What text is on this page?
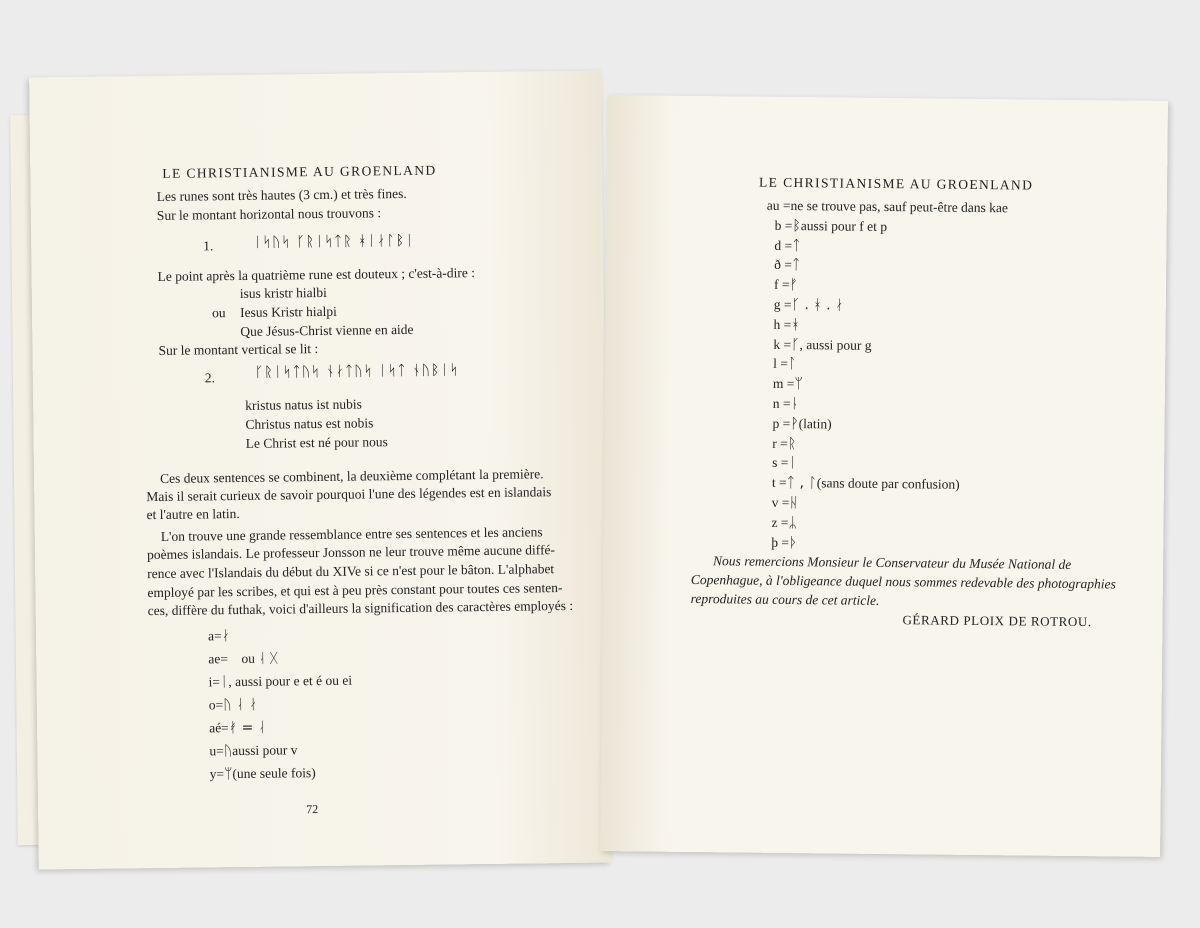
LE CHRISTIANISME AU GROENLAND
Les runes sont très hautes (3 cm.) et très fines.
Sur le montant horizontal nous trouvons :
1.	ᛁᛋᚢᛋ ᚴᚱᛁᛋᛏᚱ ᚼᛁᛅᛚᛒᛁ
Le point après la quatrième rune est douteux ; c'est-à-dire :
isus kristr hialbi
ou Iesus Kristr hialpi
Que Jésus-Christ vienne en aide
Sur le montant vertical se lit :
2.	ᚴᚱᛁᛋᛏᚢᛋ ᚾᛅᛏᚢᛋ ᛁᛋᛏ ᚾᚢᛒᛁᛋ
kristus natus ist nubis
Christus natus est nobis
Le Christ est né pour nous
Ces deux sentences se combinent, la deuxième complétant la première.
Mais il serait curieux de savoir pourquoi l'une des légendes est en islandais
et l'autre en latin.
L'on trouve une grande ressemblance entre ses sentences et les anciens
poèmes islandais. Le professeur Jonsson ne leur trouve même aucune diffé-
rence avec l'Islandais du début du XIVe si ce n'est pour le bâton. L'alphabet
employé par les scribes, et qui est à peu près constant pour toutes ces senten-
ces, diffère du futhak, voici d'ailleurs la signification des caractères employés :
a=ᛅ
ae= ou ᛆ ᚷ
i=ᛁ, aussi pour e et é ou ei
o=ᚢ ᛆ ᛅ
aé=ᚯ = ᛆ
u=ᚢaussi pour v
y=ᛘ(une seule fois)
72
LE CHRISTIANISME AU GROENLAND
au =ne se trouve pas, sauf peut-être dans kae
b =ᛒaussi pour f et p
d =ᛏ
ð =ᛏ
f =ᚠ
g =ᚴ . ᚼ . ᛅ
h =ᚼ
k =ᚴ, aussi pour g
l =ᛚ
m =ᛘ
n =ᚿ
p =ᚹ(latin)
r =ᚱ
s =ᛁ
t =ᛏ , ᛚ(sans doute par confusion)
v =ᚺ
z =ᛦ
þ =ᚦ
Nous remercions Monsieur le Conservateur du Musée National de
Copenhague, à l'obligeance duquel nous sommes redevable des photographies
reproduites au cours de cet article.
GÉRARD PLOIX DE ROTROU.
